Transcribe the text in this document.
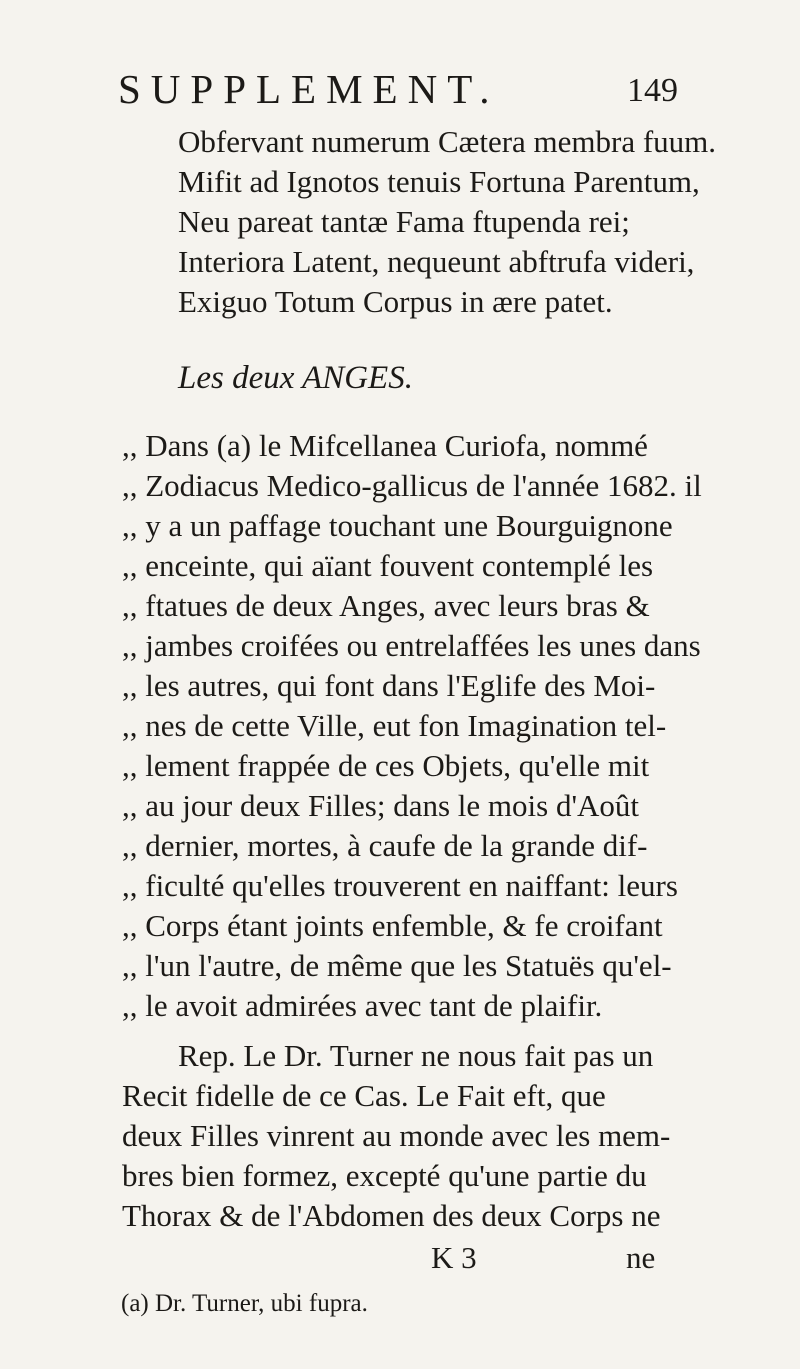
SUPPLEMENT.	149
Obfervant numerum Cætera membra fuum.
Mifit ad Ignotos tenuis Fortuna Parentum,
Neu pareat tantæ Fama ftupenda rei;
Interiora Latent, nequeunt abftrufa videri,
Exiguo Totum Corpus in ære patet.
Les deux ANGES.
,, Dans (a) le Mifcellanea Curiofa, nommé
,, Zodiacus Medico-gallicus de l'année 1682. il
,, y a un paffage touchant une Bourguignone
,, enceinte, qui aïant fouvent contemplé les
,, ftatues de deux Anges, avec leurs bras &
,, jambes croifées ou entrelaffées les unes dans
,, les autres, qui font dans l'Eglife des Moi-
,, nes de cette Ville, eut fon Imagination tel-
,, lement frappée de ces Objets, qu'elle mit
,, au jour deux Filles; dans le mois d'Août
,, dernier, mortes, à caufe de la grande dif-
,, ficulté qu'elles trouverent en naiffant: leurs
,, Corps étant joints enfemble, & fe croifant
,, l'un l'autre, de même que les Statuës qu'el-
,, le avoit admirées avec tant de plaifir.
Rep. Le Dr. Turner ne nous fait pas un
Recit fidelle de ce Cas. Le Fait eft, que
deux Filles vinrent au monde avec les mem-
bres bien formez, excepté qu'une partie du
Thorax & de l'Abdomen des deux Corps ne
K 3	ne
(a) Dr. Turner, ubi fupra.
